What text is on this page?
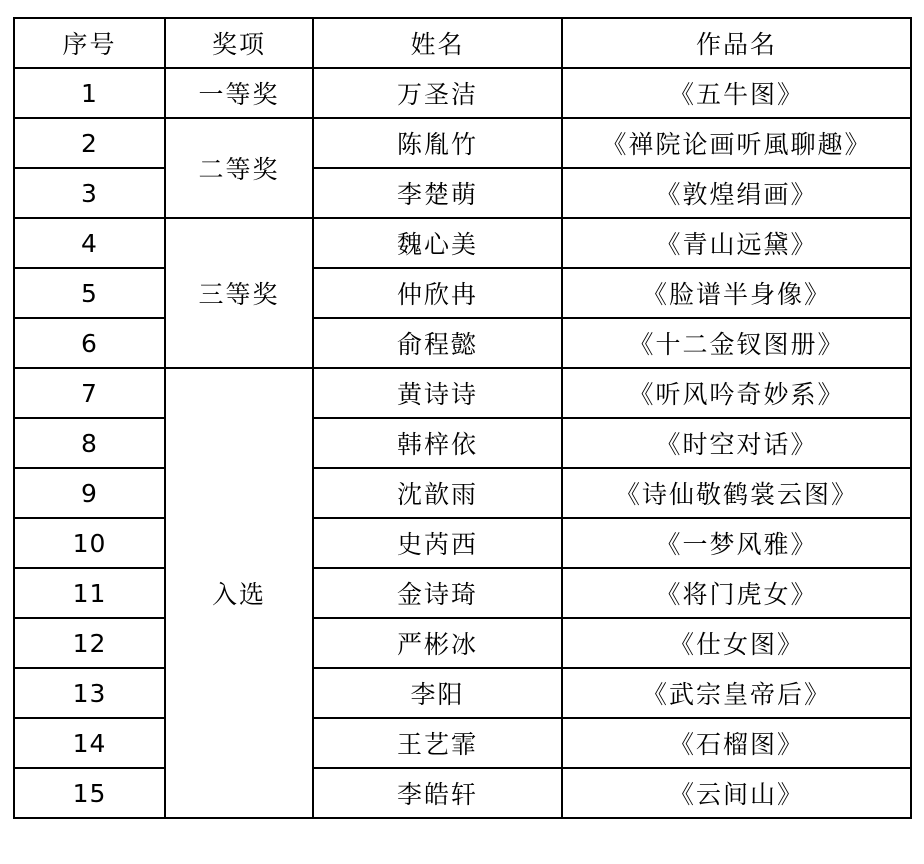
序号	奖项	姓名	作品名
1	一等奖	万圣洁	《五牛图》
2	二等奖	陈胤竹	《禅院论画听風聊趣》
3		李楚萌	《敦煌绢画》
4	三等奖	魏心美	《青山远黛》
5		仲欣冉	《脸谱半身像》
6		俞程懿	《十二金钗图册》
7	入选	黄诗诗	《听风吟奇妙系》
8		韩梓依	《时空对话》
9		沈歆雨	《诗仙敬鹤裳云图》
10		史芮西	《一梦风雅》
11		金诗琦	《将门虎女》
12		严彬冰	《仕女图》
13		李阳	《武宗皇帝后》
14		王艺霏	《石榴图》
15		李皓轩	《云间山》
